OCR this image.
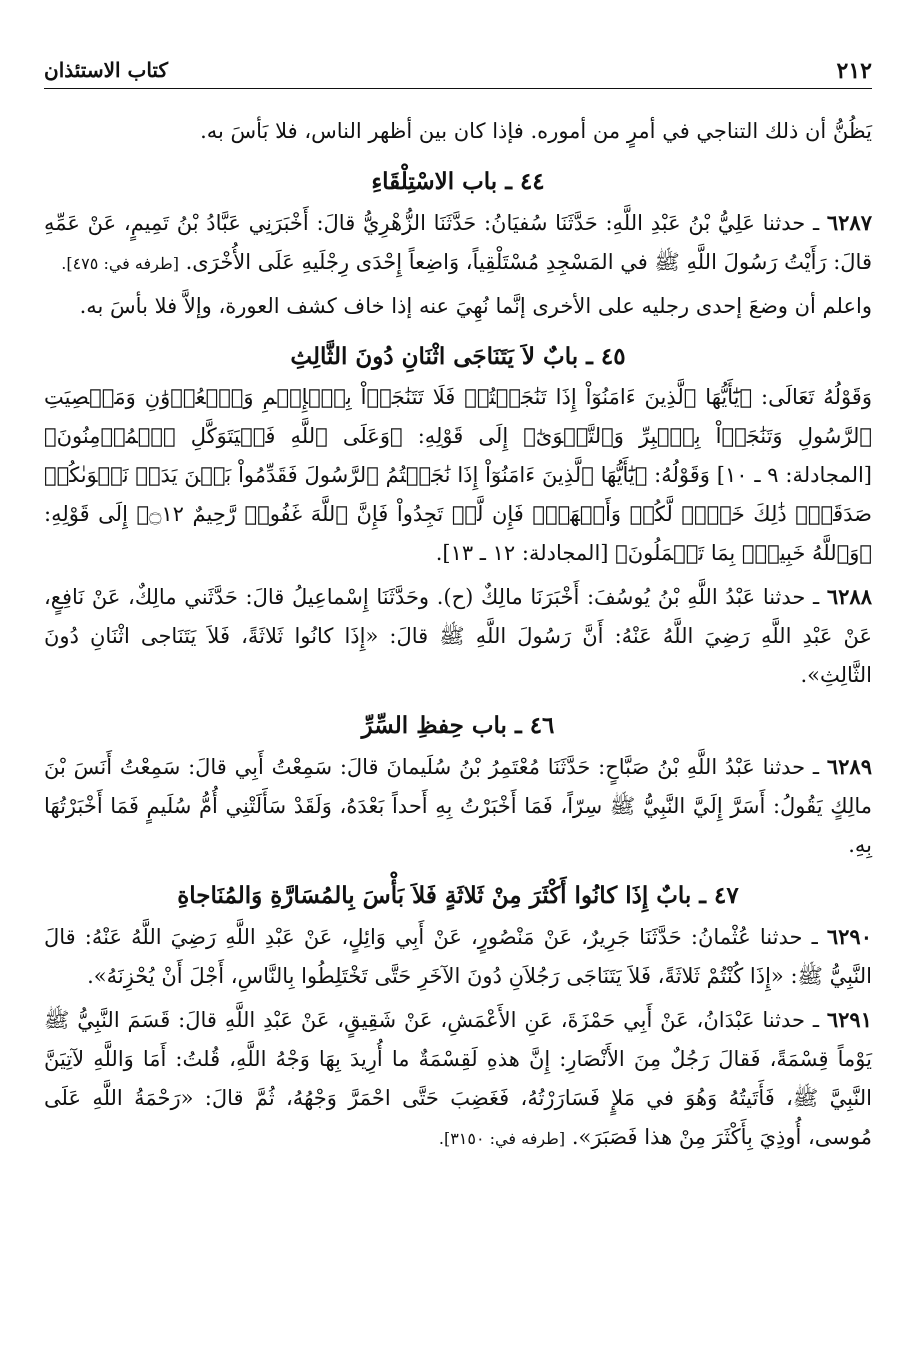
٢١٢
كتاب الاستئذان

يَظُنُّ أن ذلك التناجي في أمرٍ من أموره. فإذا كان بين أظهر الناس، فلا بَأسَ به.

٤٤ ـ باب الاسْتِلْقَاءِ

٦٢٨٧ ـ حدثنا عَلِيُّ بْنُ عَبْدِ اللَّهِ: حَدَّثَنَا سُفيَانُ: حَدَّثَنَا الزُّهْرِيُّ قالَ: أَخْبَرَنِي عَبَّادُ بْنُ تَمِيمٍ، عَنْ عَمِّهِ قالَ: رَأَيْتُ رَسُولَ اللَّهِ ﷺ في المَسْجِدِ مُسْتَلْقِياً، وَاضِعاً إِحْدَى رِجْلَيهِ عَلَى الأُخْرَى. [طرفه في: ٤٧٥].

واعلم أن وضعَ إحدى رجليه على الأخرى إنَّما نُهِيَ عنه إذا خاف كشف العورة، وإلاَّ فلا بأسَ به.

٤٥ ـ بابٌ لاَ يَتَنَاجَى اثْنَانِ دُونَ الثَّالِثِ

وَقَوْلُهُ تَعَالَى: ﴿يَٰٓأَيُّهَا ٱلَّذِينَ ءَامَنُوٓاْ إِذَا تَنَٰجَيۡتُمۡ فَلَا تَتَنَٰجَوۡاْ بِٱلۡإِثۡمِ وَٱلۡعُدۡوَٰنِ وَمَعۡصِيَتِ ٱلرَّسُولِ وَتَنَٰجَوۡاْ بِٱلۡبِرِّ وَٱلتَّقۡوَىٰٓ﴾ إِلَى قَوْلِهِ: ﴿وَعَلَى ٱللَّهِ فَلۡيَتَوَكَّلِ ٱلۡمُؤۡمِنُونَ﴾ [المجادلة: ٩ ـ ١٠] وَقَوْلُهُ: ﴿يَٰٓأَيُّهَا ٱلَّذِينَ ءَامَنُوٓاْ إِذَا نَٰجَيۡتُمُ ٱلرَّسُولَ فَقَدِّمُواْ بَيۡنَ يَدَيۡ نَجۡوَىٰكُمۡ صَدَقَةٗۚ ذَٰلِكَ خَيۡرٞ لَّكُمۡ وَأَطۡهَرُۚ فَإِن لَّمۡ تَجِدُواْ فَإِنَّ ٱللَّهَ غَفُورٞ رَّحِيمٌ ۝١٢﴾ إِلَى قَوْلِهِ: ﴿وَٱللَّهُ خَبِيرُۢ بِمَا تَعۡمَلُونَ﴾ [المجادلة: ١٢ ـ ١٣].

٦٢٨٨ ـ حدثنا عَبْدُ اللَّهِ بْنُ يُوسُفَ: أَخْبَرَنَا مالِكٌ (ح). وحَدَّثَنَا إِسْماعِيلُ قالَ: حَدَّثَني مالِكٌ، عَنْ نَافِعٍ، عَنْ عَبْدِ اللَّهِ رَضِيَ اللَّهُ عَنْهُ: أَنَّ رَسُولَ اللَّهِ ﷺ قالَ: «إِذَا كانُوا ثَلاثَةً، فَلاَ يَتَنَاجى اثْنَانِ دُونَ الثَّالِثِ».

٤٦ ـ باب حِفظِ السِّرِّ

٦٢٨٩ ـ حدثنا عَبْدُ اللَّهِ بْنُ صَبَّاحٍ: حَدَّثَنَا مُعْتَمِرُ بْنُ سُلَيمانَ قالَ: سَمِعْتُ أَبِي قالَ: سَمِعْتُ أَنَسَ بْنَ مالِكٍ يَقُولُ: أَسَرَّ إِلَيَّ النَّبِيُّ ﷺ سِرّاً، فَمَا أَخْبَرْتُ بِهِ أَحداً بَعْدَهُ، وَلَقَدْ سَأَلَتْنِي أُمُّ سُلَيمٍ فَمَا أَخْبَرْتُهَا بِهِ.

٤٧ ـ بابٌ إِذَا كانُوا أَكْثَرَ مِنْ ثَلاثَةٍ فَلاَ بَأْسَ بِالمُسَارَّةِ وَالمُنَاجاةِ

٦٢٩٠ ـ حدثنا عُثْمانُ: حَدَّثَنَا جَرِيرٌ، عَنْ مَنْصُورٍ، عَنْ أَبِي وَائِلٍ، عَنْ عَبْدِ اللَّهِ رَضِيَ اللَّهُ عَنْهُ: قالَ النَّبِيُّ ﷺ: «إِذَا كُنْتُمْ ثَلاثَةً، فَلاَ يَتَنَاجَى رَجُلاَنِ دُونَ الآخَرِ حَتَّى تَخْتَلِطُوا بِالنَّاسِ، أَجْلَ أَنْ يُحْزِنَهُ».

٦٢٩١ ـ حدثنا عَبْدَانُ، عَنْ أَبِي حَمْزَةَ، عَنِ الأَعْمَشِ، عَنْ شَقِيقٍ، عَنْ عَبْدِ اللَّهِ قالَ: قَسَمَ النَّبِيُّ ﷺ يَوْماً قِسْمَةً، فَقالَ رَجُلٌ مِنَ الأَنْصَارِ: إِنَّ هذهِ لَقِسْمَةٌ ما أُرِيدَ بِهَا وَجْهُ اللَّهِ، قُلتُ: أَمَا وَاللَّهِ لآتِيَنَّ النَّبِيَّ ﷺ، فَأَتَيتُهُ وَهُوَ في مَلإٍ فَسَارَرْتُهُ، فَغَضِبَ حَتَّى احْمَرَّ وَجْهُهُ، ثُمَّ قالَ: «رَحْمَةُ اللَّهِ عَلَى مُوسى، أُوذِيَ بِأَكْثَرَ مِنْ هذا فَصَبَرَ». [طرفه في: ٣١٥٠].
